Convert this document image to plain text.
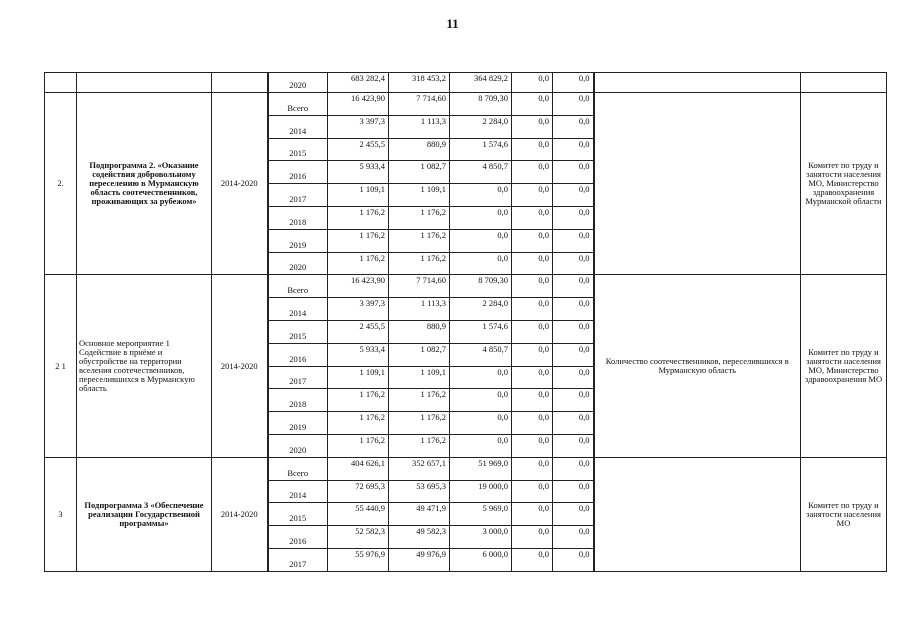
11
			2020	683 282,4	318 453,2	364 829,2	0,0	0,0		
2.	Подпрограмма 2. «Оказание содействия добровольному переселению в Мурманскую область соотечественников, проживающих за рубежом»	2014-2020	Всего	16 423,90	7 714,60	8 709,30	0,0	0,0		Комитет по труду и занятости населения МО, Министерство здравоохранения Мурманской области
			2014	3 397,3	1 113,3	2 284,0	0,0	0,0		
			2015	2 455,5	880,9	1 574,6	0,0	0,0		
			2016	5 933,4	1 082,7	4 850,7	0,0	0,0		
			2017	1 109,1	1 109,1	0,0	0,0	0,0		
			2018	1 176,2	1 176,2	0,0	0,0	0,0		
			2019	1 176,2	1 176,2	0,0	0,0	0,0		
			2020	1 176,2	1 176,2	0,0	0,0	0,0		
2 1	Основное мероприятие 1 Содействие в приёме и обустройстве на территории вселения соотечественников, переселившихся в Мурманскую область	2014-2020	Всего	16 423,90	7 714,60	8 709,30	0,0	0,0	Количество соотечественников, переселившихся в Мурманскую область	Комитет по труду и занятости населения МО, Министерство здравоохранения МО
			2014	3 397,3	1 113,3	2 284,0	0,0	0,0		
			2015	2 455,5	880,9	1 574,6	0,0	0,0		
			2016	5 933,4	1 082,7	4 850,7	0,0	0,0		
			2017	1 109,1	1 109,1	0,0	0,0	0,0		
			2018	1 176,2	1 176,2	0,0	0,0	0,0		
			2019	1 176,2	1 176,2	0,0	0,0	0,0		
			2020	1 176,2	1 176,2	0,0	0,0	0,0		
3	Подпрограмма 3 «Обеспечение реализации Государственной программы»	2014-2020	Всего	404 626,1	352 657,1	51 969,0	0,0	0,0		Комитет по труду и занятости населения МО
			2014	72 695,3	53 695,3	19 000,0	0,0	0,0		
			2015	55 440,9	49 471,9	5 969,0	0,0	0,0		
			2016	52 582,3	49 582,3	3 000,0	0,0	0,0		
			2017	55 976,9	49 976,9	6 000,0	0,0	0,0		
